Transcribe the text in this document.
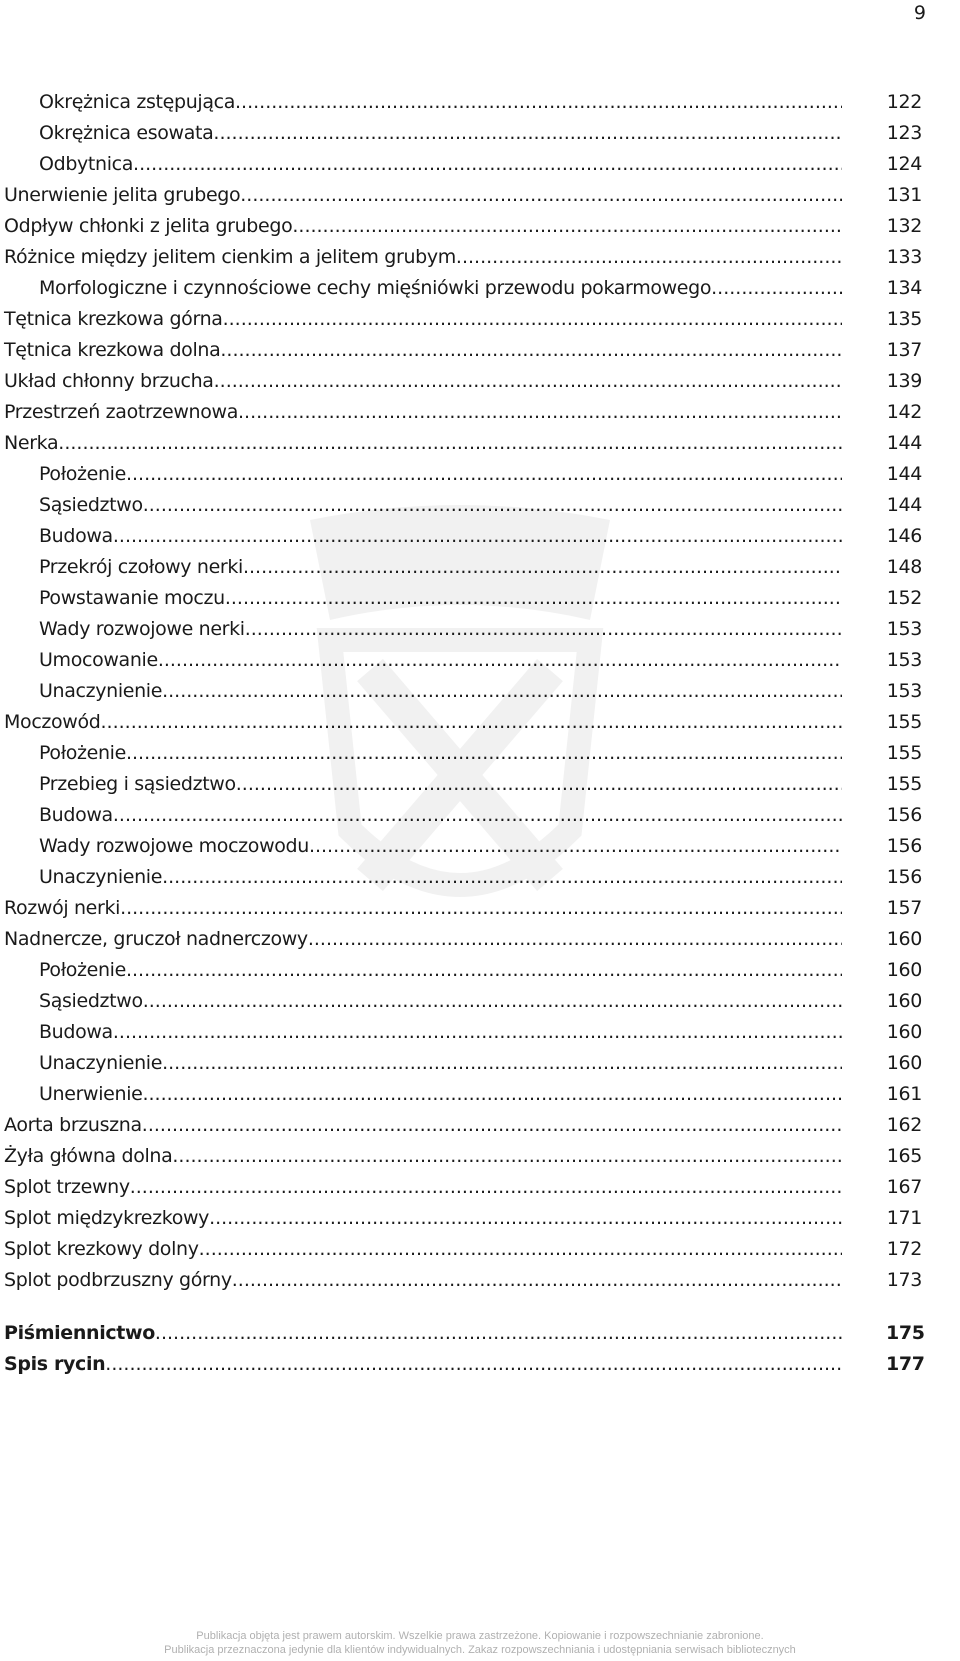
9
Okrężnica zstępująca .....	122
Okrężnica esowata .....	123
Odbytnica .....	124
Unerwienie jelita grubego .....	131
Odpływ chłonki z jelita grubego .....	132
Różnice między jelitem cienkim a jelitem grubym .....	133
Morfologiczne i czynnościowe cechy mięśniówki przewodu pokarmowego .....	134
Tętnica krezkowa górna .....	135
Tętnica krezkowa dolna .....	137
Układ chłonny brzucha .....	139
Przestrzeń zaotrzewnowa .....	142
Nerka .....	144
Położenie .....	144
Sąsiedztwo .....	144
Budowa .....	146
Przekrój czołowy nerki .....	148
Powstawanie moczu .....	152
Wady rozwojowe nerki .....	153
Umocowanie .....	153
Unaczynienie .....	153
Moczowód .....	155
Położenie .....	155
Przebieg i sąsiedztwo .....	155
Budowa .....	156
Wady rozwojowe moczowodu .....	156
Unaczynienie .....	156
Rozwój nerki .....	157
Nadnercze, gruczoł nadnerczowy .....	160
Położenie .....	160
Sąsiedztwo .....	160
Budowa .....	160
Unaczynienie .....	160
Unerwienie .....	161
Aorta brzuszna .....	162
Żyła główna dolna .....	165
Splot trzewny .....	167
Splot międzykrezkowy .....	171
Splot krezkowy dolny .....	172
Splot podbrzuszny górny .....	173
Piśmiennictwo .....	175
Spis rycin .....	177
Publikacja objęta jest prawem autorskim. Wszelkie prawa zastrzeżone. Kopiowanie i rozpowszechnianie zabronione.
Publikacja przeznaczona jedynie dla klientów indywidualnych. Zakaz rozpowszechniania i udostępniania serwisach bibliotecznych
